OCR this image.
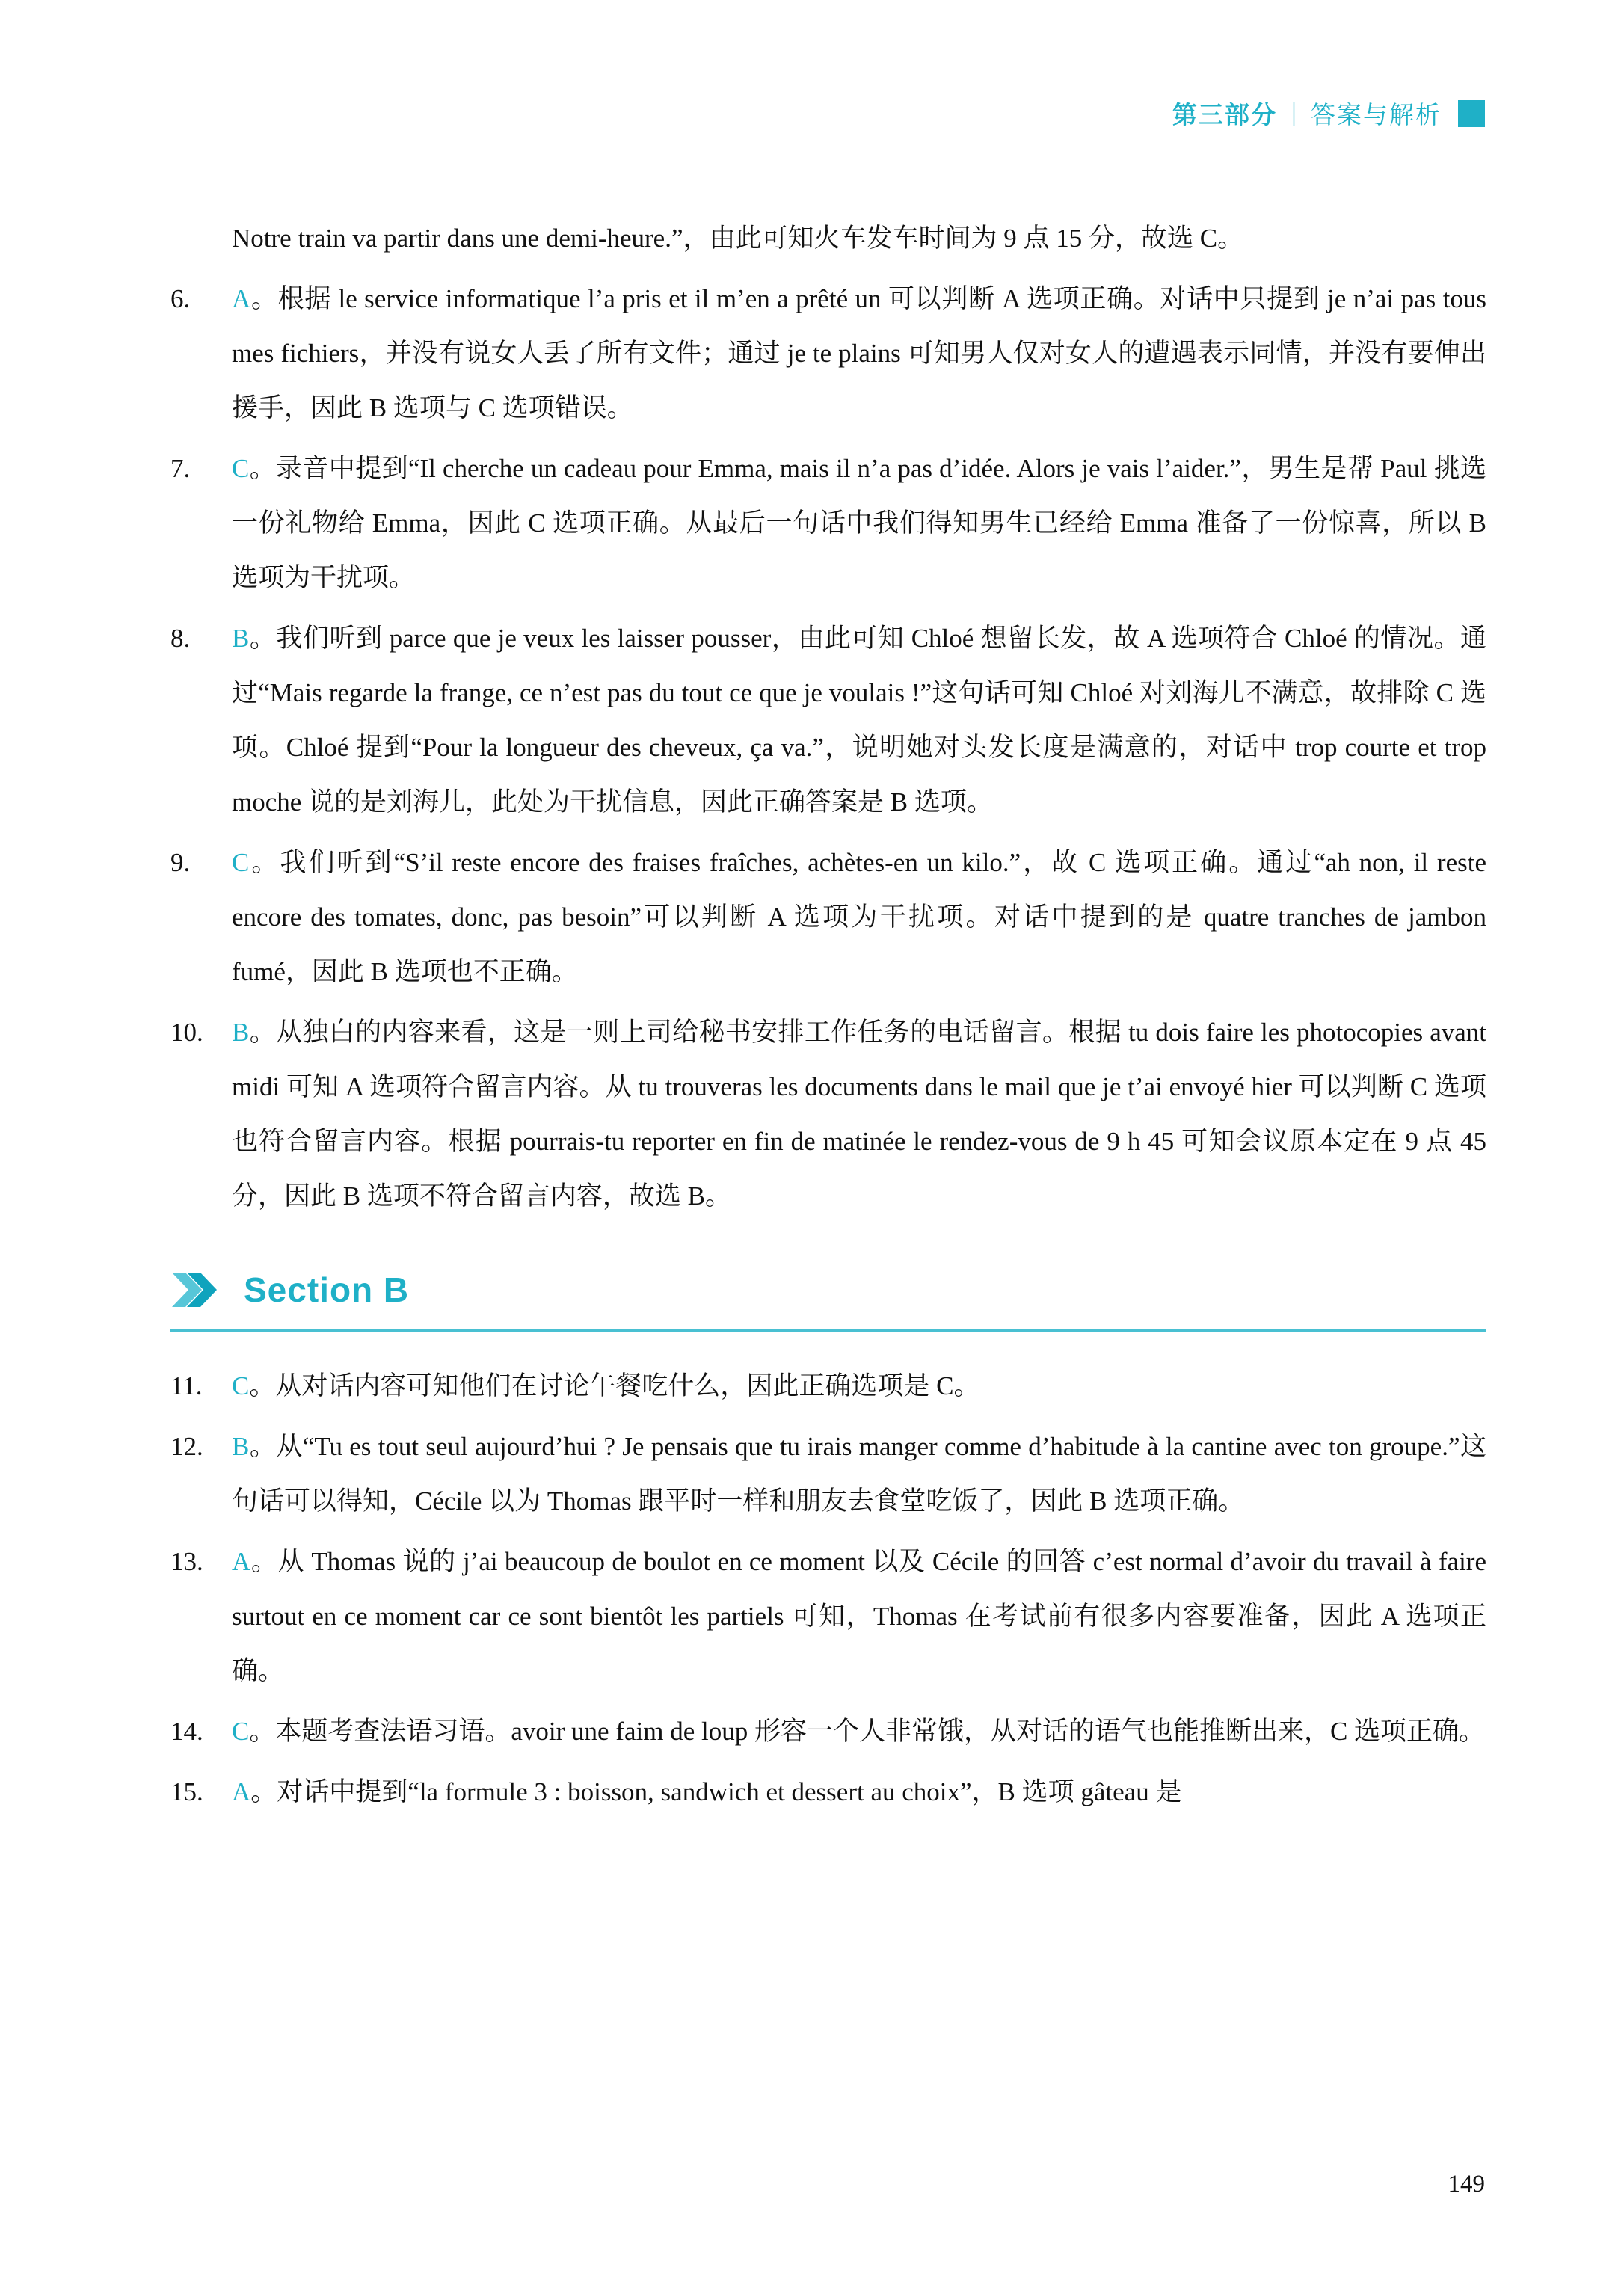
第三部分 ｜ 答案与解析

Notre train va partir dans une demi-heure.”，由此可知火车发车时间为 9 点 15 分，故选 C。

6.	A。根据 le service informatique l’a pris et il m’en a prêté un 可以判断 A 选项正确。对话中只提到 je n’ai pas tous mes fichiers，并没有说女人丢了所有文件；通过 je te plains 可知男人仅对女人的遭遇表示同情，并没有要伸出援手，因此 B 选项与 C 选项错误。

7.	C。录音中提到“Il cherche un cadeau pour Emma, mais il n’a pas d’idée. Alors je vais l’aider.”，男生是帮 Paul 挑选一份礼物给 Emma，因此 C 选项正确。从最后一句话中我们得知男生已经给 Emma 准备了一份惊喜，所以 B 选项为干扰项。

8.	B。我们听到 parce que je veux les laisser pousser，由此可知 Chloé 想留长发，故 A 选项符合 Chloé 的情况。通过“Mais regarde la frange, ce n’est pas du tout ce que je voulais !”这句话可知 Chloé 对刘海儿不满意，故排除 C 选项。Chloé 提到“Pour la longueur des cheveux, ça va.”，说明她对头发长度是满意的，对话中 trop courte et trop moche 说的是刘海儿，此处为干扰信息，因此正确答案是 B 选项。

9.	C。我们听到“S’il reste encore des fraises fraîches, achètes-en un kilo.”，故 C 选项正确。通过“ah non, il reste encore des tomates, donc, pas besoin”可以判断 A 选项为干扰项。对话中提到的是 quatre tranches de jambon fumé，因此 B 选项也不正确。

10.	B。从独白的内容来看，这是一则上司给秘书安排工作任务的电话留言。根据 tu dois faire les photocopies avant midi 可知 A 选项符合留言内容。从 tu trouveras les documents dans le mail que je t’ai envoyé hier 可以判断 C 选项也符合留言内容。根据 pourrais-tu reporter en fin de matinée le rendez-vous de 9 h 45 可知会议原本定在 9 点 45 分，因此 B 选项不符合留言内容，故选 B。

Section B
11.	C。从对话内容可知他们在讨论午餐吃什么，因此正确选项是 C。

12.	B。从“Tu es tout seul aujourd’hui ? Je pensais que tu irais manger comme d’habitude à la cantine avec ton groupe.”这句话可以得知，Cécile 以为 Thomas 跟平时一样和朋友去食堂吃饭了，因此 B 选项正确。

13.	A。从 Thomas 说的 j’ai beaucoup de boulot en ce moment 以及 Cécile 的回答 c’est normal d’avoir du travail à faire surtout en ce moment car ce sont bientôt les partiels 可知，Thomas 在考试前有很多内容要准备，因此 A 选项正确。

14.	C。本题考查法语习语。avoir une faim de loup 形容一个人非常饿，从对话的语气也能推断出来，C 选项正确。

15.	A。对话中提到“la formule 3 : boisson, sandwich et dessert au choix”，B 选项 gâteau 是

149
